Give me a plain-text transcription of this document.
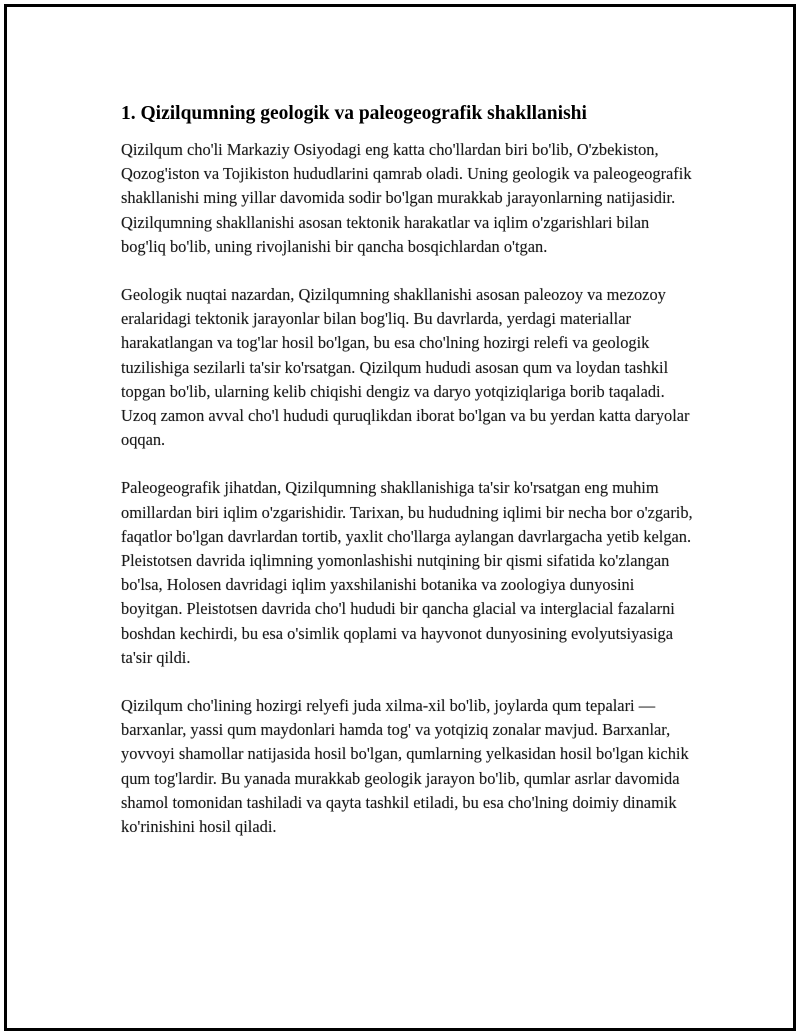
1. Qizilqumning geologik va paleogeografik shakllanishi

Qizilqum cho'li Markaziy Osiyodagi eng katta cho'llardan biri bo'lib, O'zbekiston, Qozog'iston va Tojikiston hududlarini qamrab oladi. Uning geologik va paleogeografik shakllanishi ming yillar davomida sodir bo'lgan murakkab jarayonlarning natijasidir. Qizilqumning shakllanishi asosan tektonik harakatlar va iqlim o'zgarishlari bilan bog'liq bo'lib, uning rivojlanishi bir qancha bosqichlardan o'tgan.

Geologik nuqtai nazardan, Qizilqumning shakllanishi asosan paleozoy va mezozoy eralaridagi tektonik jarayonlar bilan bog'liq. Bu davrlarda, yerdagi materiallar harakatlangan va tog'lar hosil bo'lgan, bu esa cho'lning hozirgi relefi va geologik tuzilishiga sezilarli ta'sir ko'rsatgan. Qizilqum hududi asosan qum va loydan tashkil topgan bo'lib, ularning kelib chiqishi dengiz va daryo yotqiziqlariga borib taqaladi. Uzoq zamon avval cho'l hududi quruqlikdan iborat bo'lgan va bu yerdan katta daryolar oqqan.

Paleogeografik jihatdan, Qizilqumning shakllanishiga ta'sir ko'rsatgan eng muhim omillardan biri iqlim o'zgarishidir. Tarixan, bu hududning iqlimi bir necha bor o'zgarib, faqatlor bo'lgan davrlardan tortib, yaxlit cho'llarga aylangan davrlargacha yetib kelgan. Pleistotsen davrida iqlimning yomonlashishi nutqining bir qismi sifatida ko'zlangan bo'lsa, Holosen davridagi iqlim yaxshilanishi botanika va zoologiya dunyosini boyitgan. Pleistotsen davrida cho'l hududi bir qancha glacial va interglacial fazalarni boshdan kechirdi, bu esa o'simlik qoplami va hayvonot dunyosining evolyutsiyasiga ta'sir qildi.

Qizilqum cho'lining hozirgi relyefi juda xilma-xil bo'lib, joylarda qum tepalari — barxanlar, yassi qum maydonlari hamda tog' va yotqiziq zonalar mavjud. Barxanlar, yovvoyi shamollar natijasida hosil bo'lgan, qumlarning yelkasidan hosil bo'lgan kichik qum tog'lardir. Bu yanada murakkab geologik jarayon bo'lib, qumlar asrlar davomida shamol tomonidan tashiladi va qayta tashkil etiladi, bu esa cho'lning doimiy dinamik ko'rinishini hosil qiladi.
